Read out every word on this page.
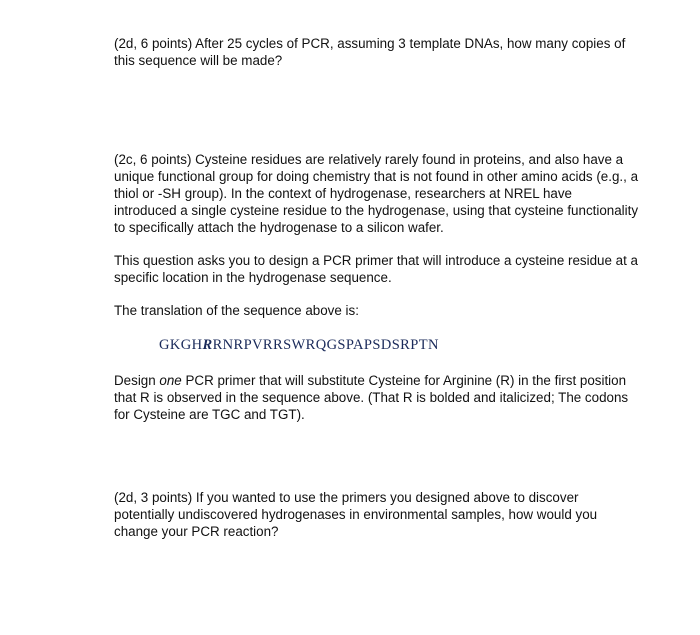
(2d, 6 points) After 25 cycles of PCR, assuming 3 template DNAs, how many copies of
this sequence will be made?

(2c, 6 points) Cysteine residues are relatively rarely found in proteins, and also have a
unique functional group for doing chemistry that is not found in other amino acids (e.g., a
thiol or -SH group). In the context of hydrogenase, researchers at NREL have
introduced a single cysteine residue to the hydrogenase, using that cysteine functionality
to specifically attach the hydrogenase to a silicon wafer.

This question asks you to design a PCR primer that will introduce a cysteine residue at a
specific location in the hydrogenase sequence.

The translation of the sequence above is:

GKGHRRNRPVRRSWRQGSPAPSDSRPTN

Design one PCR primer that will substitute Cysteine for Arginine (R) in the first position
that R is observed in the sequence above. (That R is bolded and italicized; The codons
for Cysteine are TGC and TGT).

(2d, 3 points) If you wanted to use the primers you designed above to discover
potentially undiscovered hydrogenases in environmental samples, how would you
change your PCR reaction?
